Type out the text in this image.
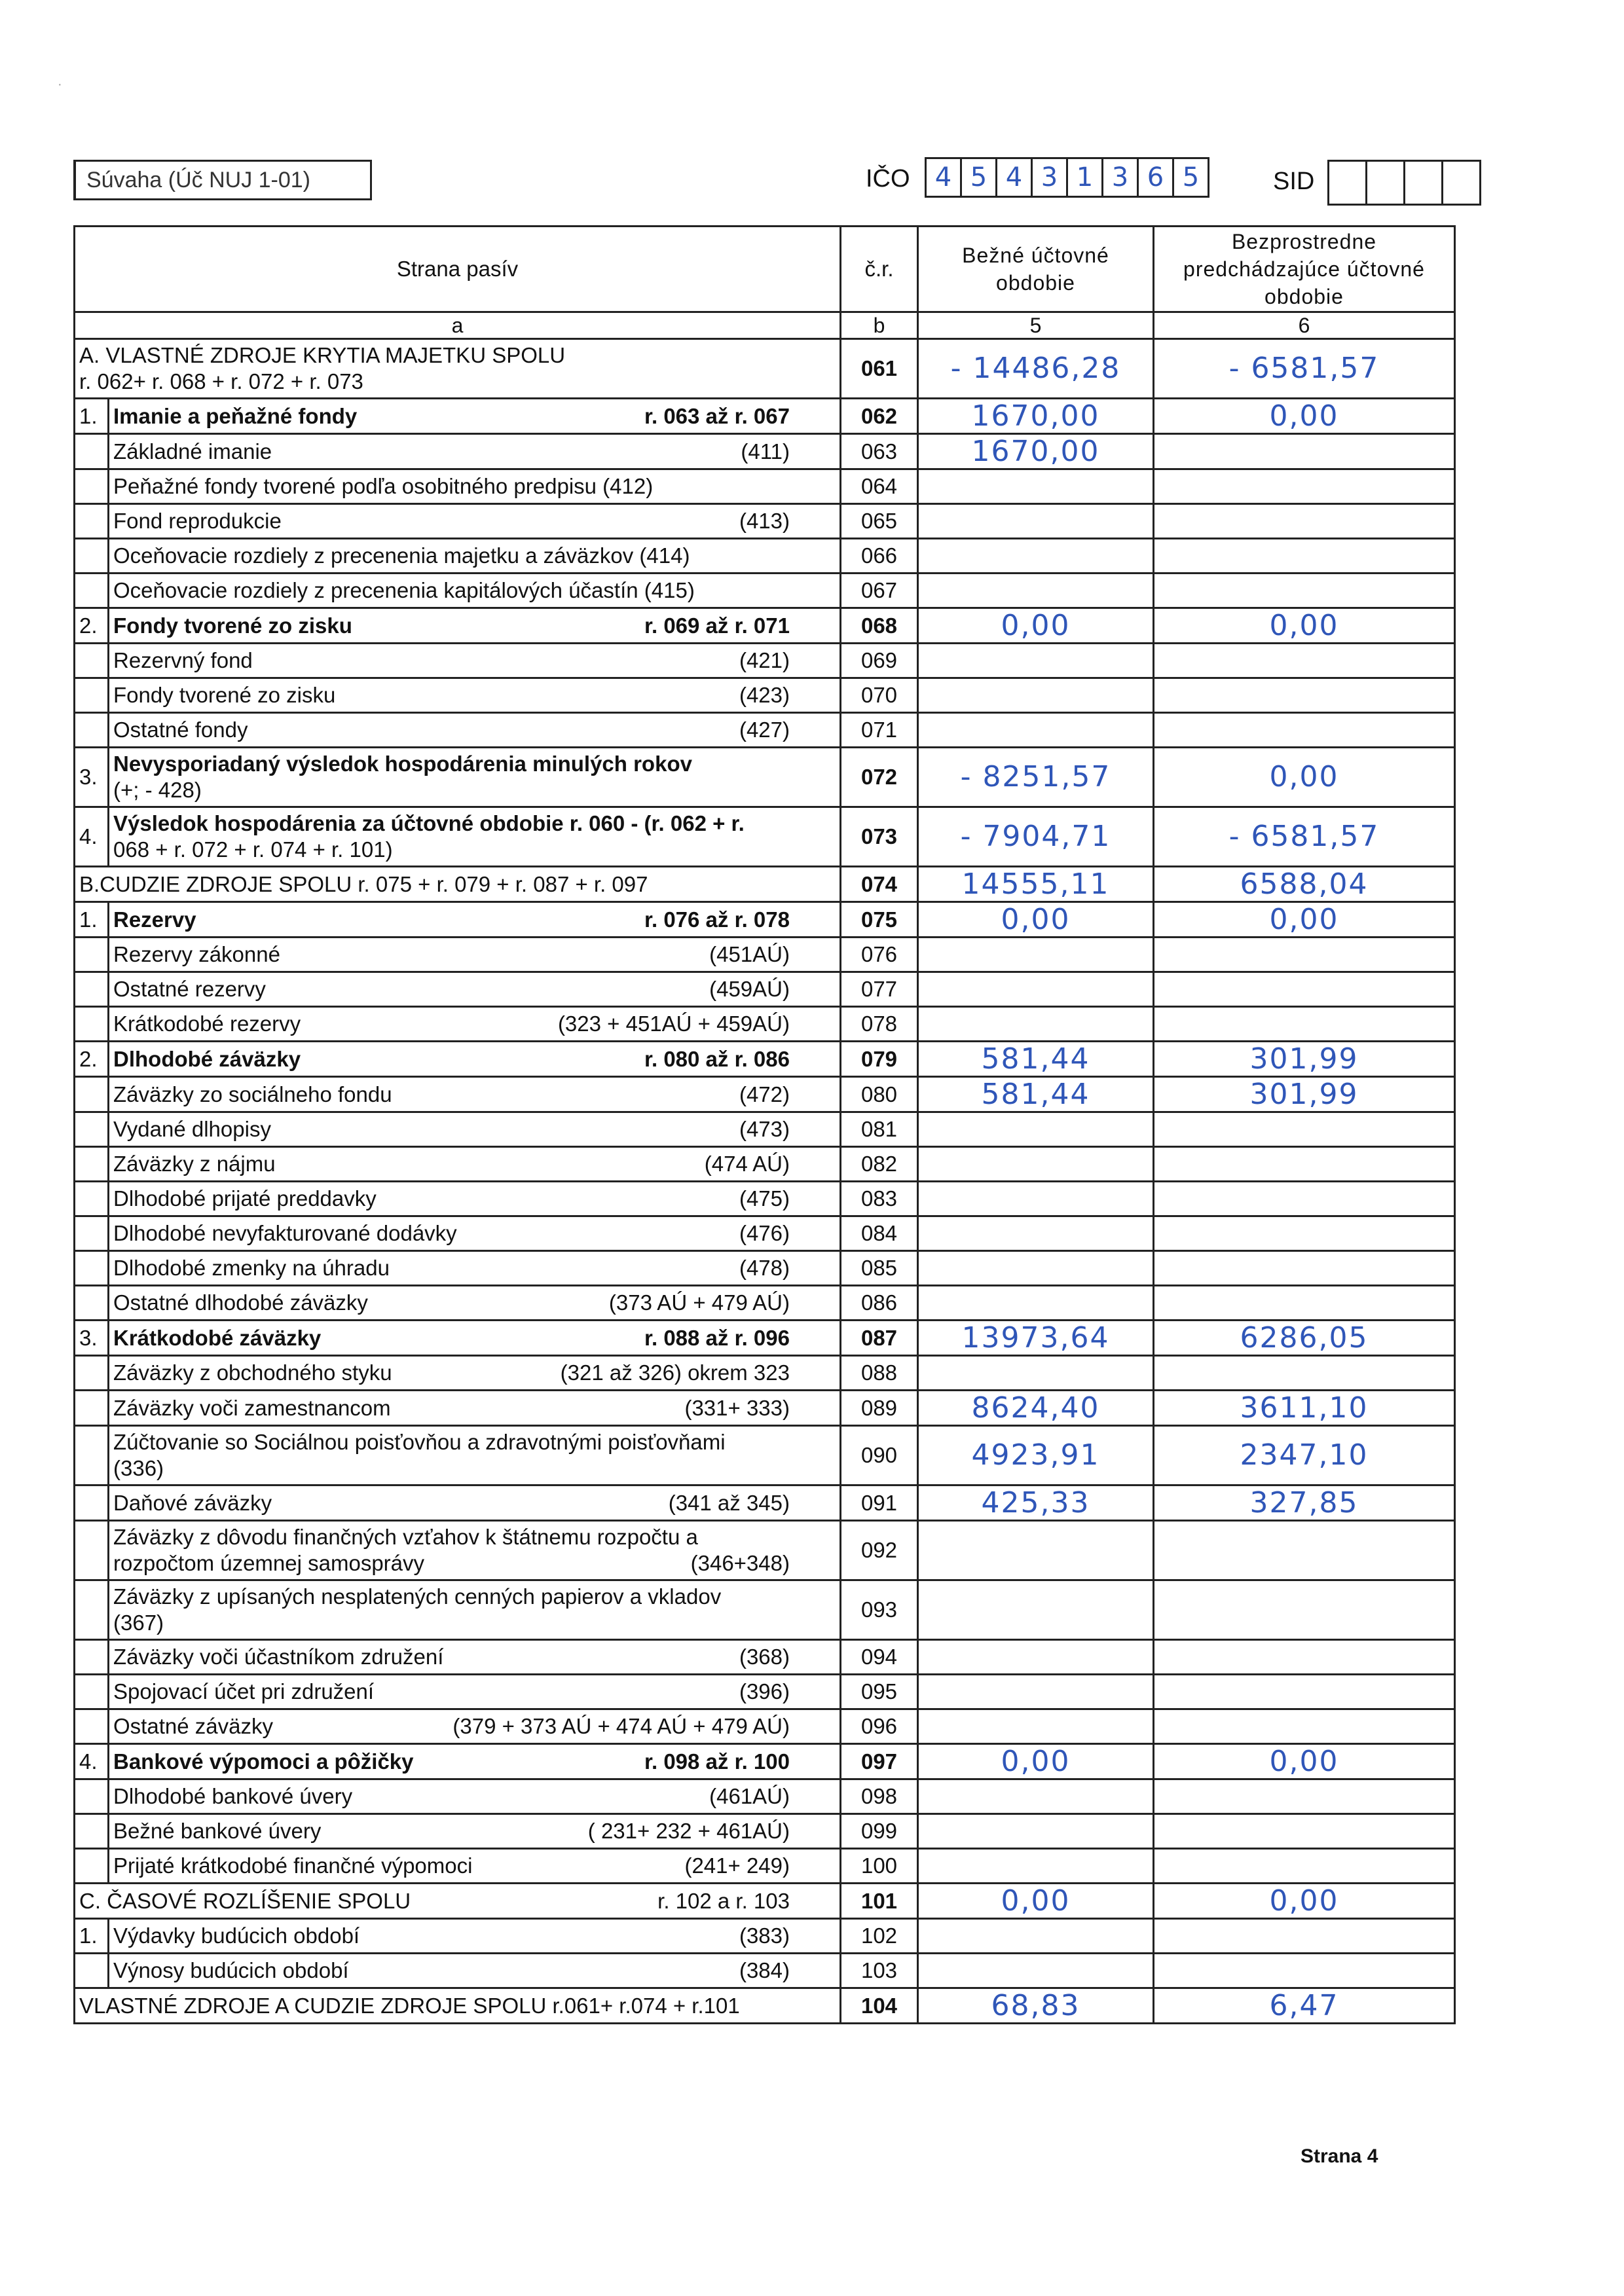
Súvaha (Úč NUJ 1-01)	IČO 4 5 4 3 1 3 6 5	SID
Strana pasív		č.r.	Bežné účtovné obdobie	Bezprostredne predchádzajúce účtovné obdobie
a		b	5	6

A. VLASTNÉ ZDROJE KRYTIA MAJETKU SPOLU
r. 062+ r. 068 + r. 072 + r. 073		061	- 14486,28	- 6581,57
1.	Imanie a peňažné fondy r. 063 až r. 067	062	1670,00	0,00

	Základné imanie (411)	063	1670,00	

	Peňažné fondy tvorené podľa osobitného predpisu (412)	064		

	Fond reprodukcie (413)	065		

	Oceňovacie rozdiely z precenenia majetku a záväzkov (414)	066		

	Oceňovacie rozdiely z precenenia kapitálových účastín (415)	067		
2.	Fondy tvorené zo zisku r. 069 až r. 071	068	0,00	0,00

	Rezervný fond (421)	069		

	Fondy tvorené zo zisku (423)	070		

	Ostatné fondy (427)	071		
3.	Nevysporiadaný výsledok hospodárenia minulých rokov
(+; - 428)	072	- 8251,57	0,00
4.	Výsledok hospodárenia za účtovné obdobie r. 060 - (r. 062 + r.
068 + r. 072 + r. 074 + r. 101)	073	- 7904,71	- 6581,57

B.CUDZIE ZDROJE SPOLU r. 075 + r. 079 + r. 087 + r. 097		074	14555,11	6588,04
1.	Rezervy r. 076 až r. 078	075	0,00	0,00

	Rezervy zákonné (451AÚ)	076		

	Ostatné rezervy (459AÚ)	077		

	Krátkodobé rezervy (323 + 451AÚ + 459AÚ)	078		
2.	Dlhodobé záväzky r. 080 až r. 086	079	581,44	301,99

	Záväzky zo sociálneho fondu (472)	080	581,44	301,99

	Vydané dlhopisy (473)	081		

	Záväzky z nájmu (474 AÚ)	082		

	Dlhodobé prijaté preddavky (475)	083		

	Dlhodobé nevyfakturované dodávky (476)	084		

	Dlhodobé zmenky na úhradu (478)	085		

	Ostatné dlhodobé záväzky (373 AÚ + 479 AÚ)	086		
3.	Krátkodobé záväzky r. 088 až r. 096	087	13973,64	6286,05

	Záväzky z obchodného styku (321 až 326) okrem 323	088		

	Záväzky voči zamestnancom (331+ 333)	089	8624,40	3611,10

	Zúčtovanie so Sociálnou poisťovňou a zdravotnými poisťovňami
(336)	090	4923,91	2347,10

	Daňové záväzky (341 až 345)	091	425,33	327,85

	Záväzky z dôvodu finančných vzťahov k štátnemu rozpočtu a
rozpočtom územnej samosprávy (346+348)	092		

	Záväzky z upísaných nesplatených cenných papierov a vkladov
(367)	093		

	Záväzky voči účastníkom združení (368)	094		

	Spojovací účet pri združení (396)	095		

	Ostatné záväzky (379 + 373 AÚ + 474 AÚ + 479 AÚ)	096		
4.	Bankové výpomoci a pôžičky r. 098 až r. 100	097	0,00	0,00

	Dlhodobé bankové úvery (461AÚ)	098		

	Bežné bankové úvery ( 231+ 232 + 461AÚ)	099		

	Prijaté krátkodobé finančné výpomoci (241+ 249)	100		

C. ČASOVÉ ROZLÍŠENIE SPOLU r. 102 a r. 103		101	0,00	0,00
1.	Výdavky budúcich období (383)	102		

	Výnosy budúcich období (384)	103		

VLASTNÉ ZDROJE A CUDZIE ZDROJE SPOLU r.061+ r.074 + r.101		104	68,83	6,47
Strana 4
·
